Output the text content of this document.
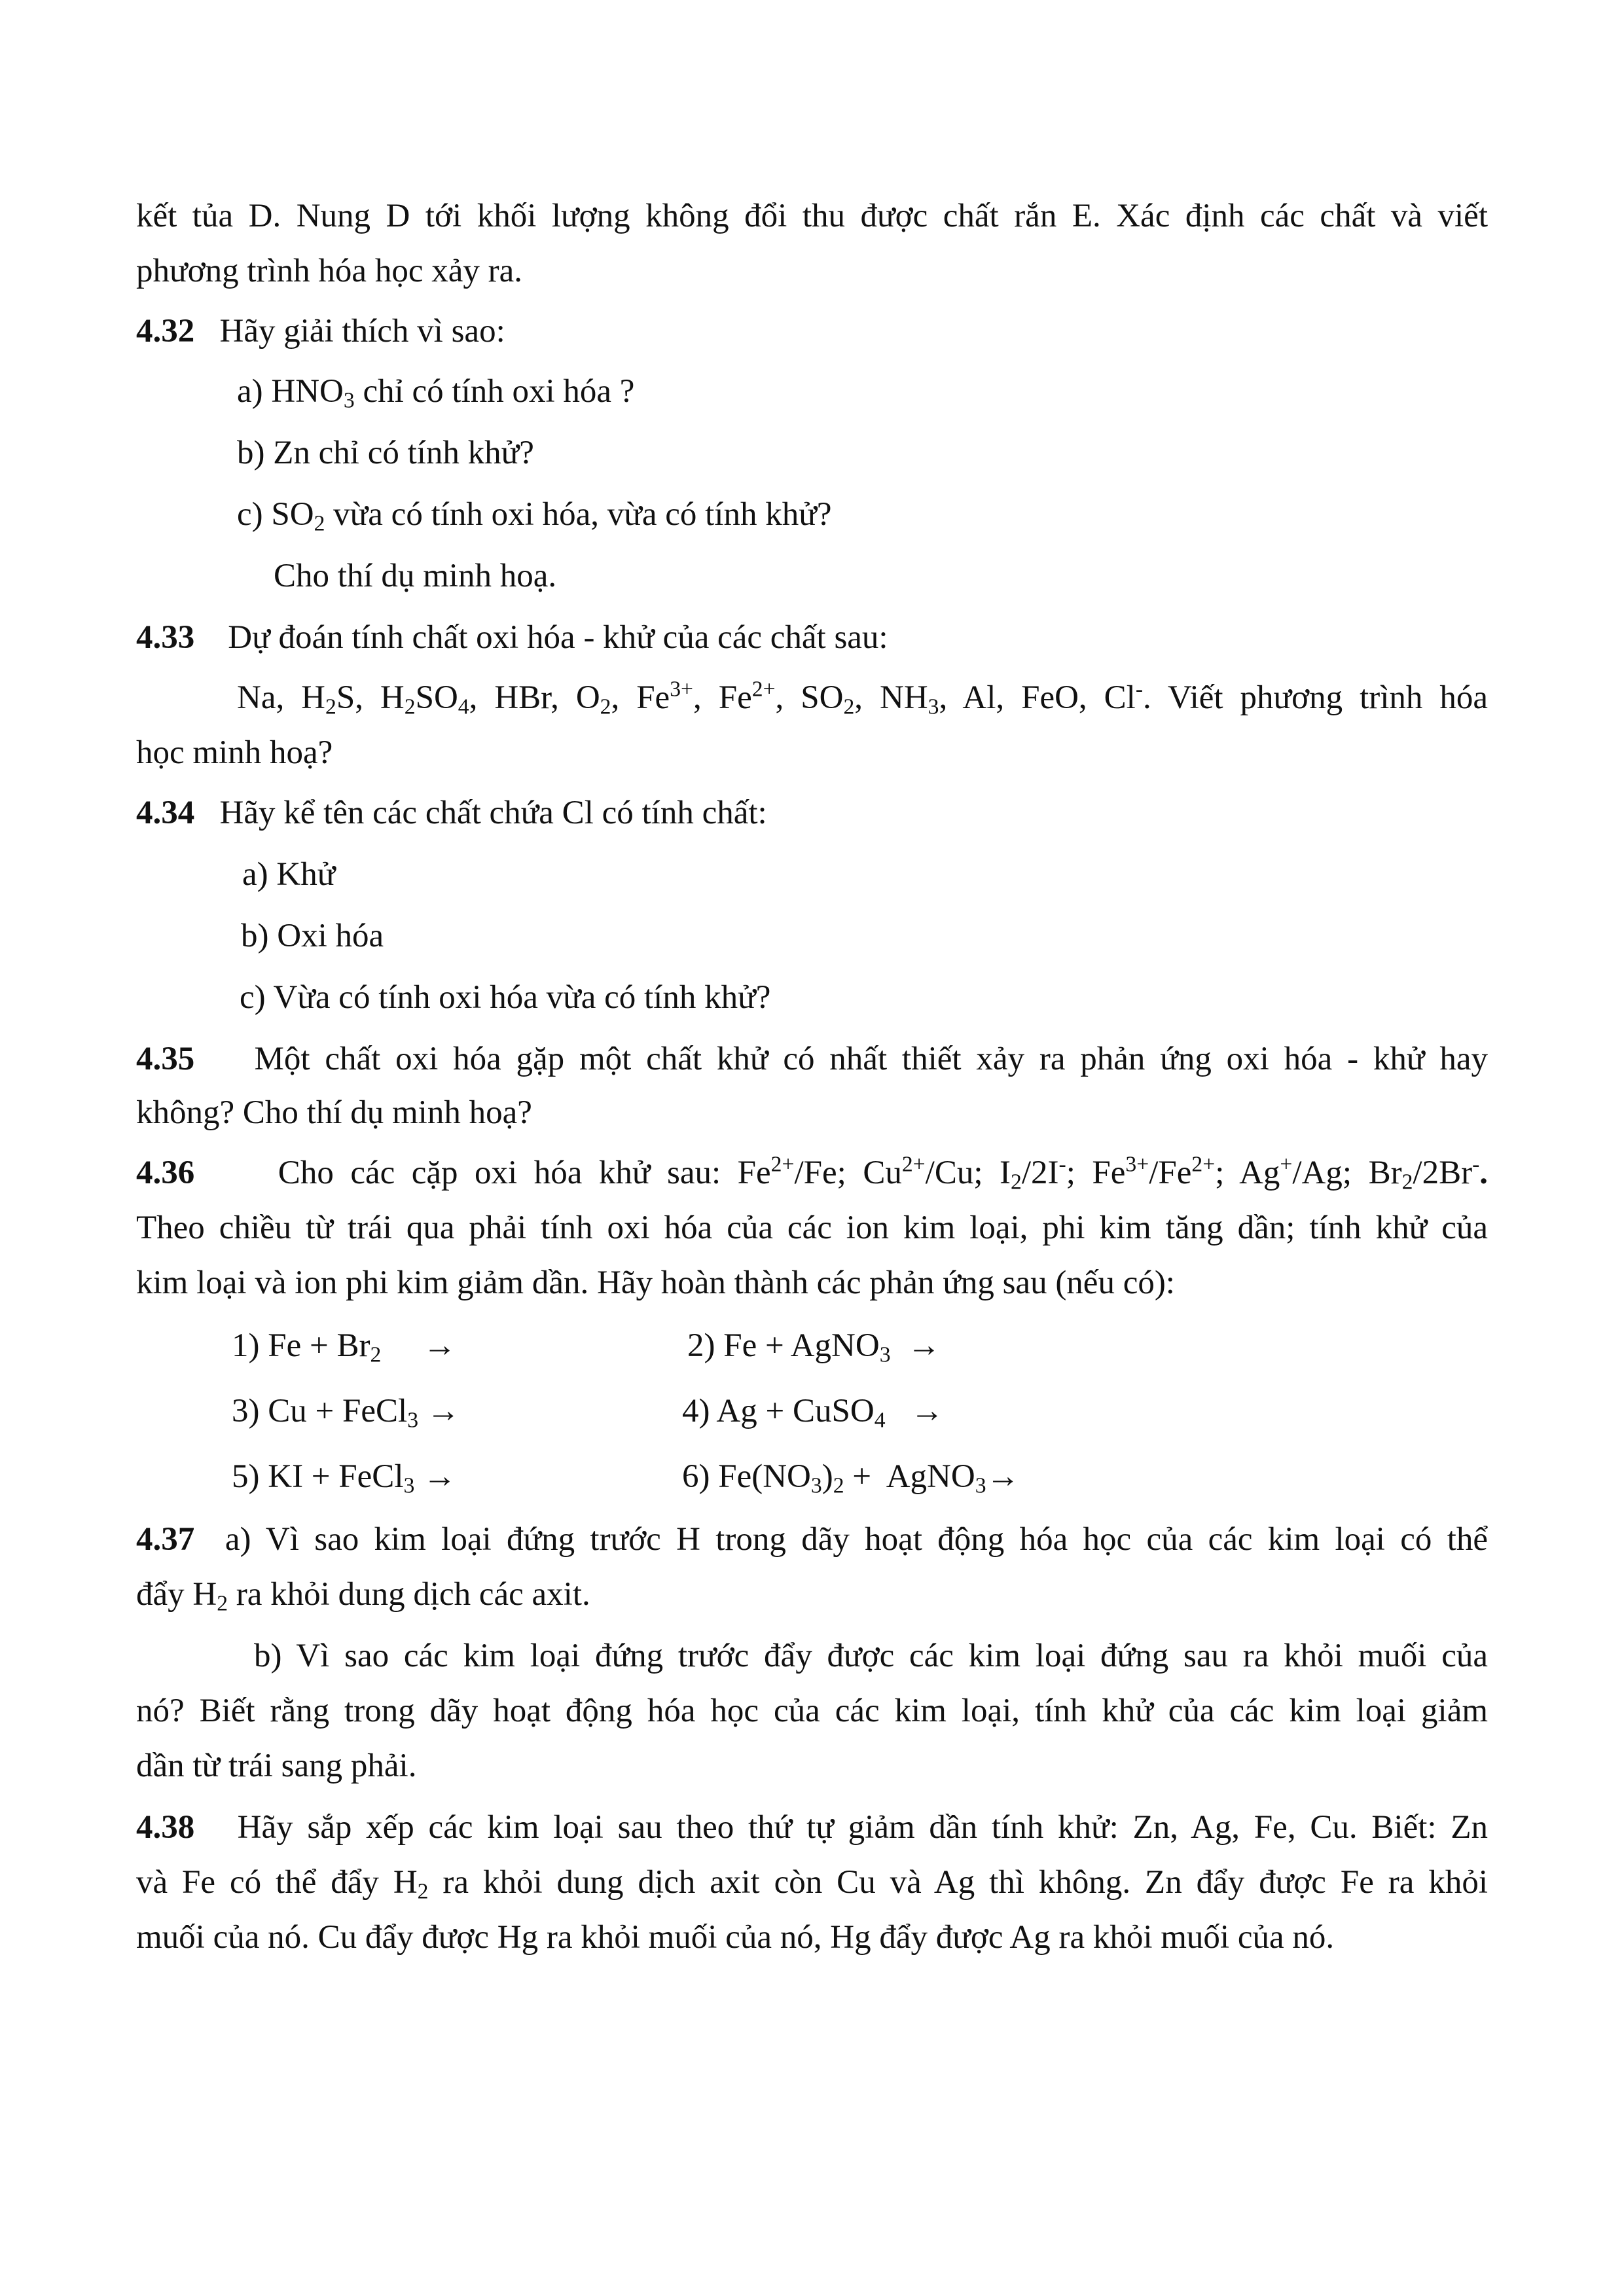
kết tủa D. Nung D tới khối lượng không đổi thu được chất rắn E. Xác định các chất và viết
phương trình hóa học xảy ra.
4.32 Hãy giải thích vì sao:
a) $HNO_3$ chỉ có tính oxi hóa ?
b) Zn chỉ có tính khử?
c) $SO_2$ vừa có tính oxi hóa, vừa có tính khử?
Cho thí dụ minh hoạ.
4.33 Dự đoán tính chất oxi hóa - khử của các chất sau:
Na, $H_2S$, $H_2SO_4$, HBr, $O_2$, $Fe^{3+}$, $Fe^{2+}$, $SO_2$, $NH_3$, Al, FeO, Cl-. Viết phương trình hóa
học minh hoạ?
4.34 Hãy kể tên các chất chứa Cl có tính chất:
a) Khử
b) Oxi hóa
c) Vừa có tính oxi hóa vừa có tính khử?
4.35 Một chất oxi hóa gặp một chất khử có nhất thiết xảy ra phản ứng oxi hóa - khử hay
không? Cho thí dụ minh hoạ?
4.36	Cho các cặp oxi hóa khử sau: $Fe^{2+}/Fe$; $Cu^{2+}/Cu$; $I_2/2I^-$; $Fe^{3+}/Fe^{2+}$; Ag+/Ag; $Br_2/2Br^-$.
Theo chiều từ trái qua phải tính oxi hóa của các ion kim loại, phi kim tăng dần; tính khử của
kim loại và ion phi kim giảm dần. Hãy hoàn thành các phản ứng sau (nếu có):
1) $Fe + Br_2$     →	2) Fe + AgNO$_3$  →
3) Cu + FeCl$_3$ →	4) Ag + CuSO$_4$   →
5) KI + FeCl$_3$ →	6) $Fe(NO_3)_2$ +  AgNO$_3$→
4.37 a) Vì sao kim loại đứng trước H trong dãy hoạt động hóa học của các kim loại có thể
đẩy $H_2$ ra khỏi dung dịch các axit.
b) Vì sao các kim loại đứng trước đẩy được các kim loại đứng sau ra khỏi muối của
nó? Biết rằng trong dãy hoạt động hóa học của các kim loại, tính khử của các kim loại giảm
dần từ trái sang phải.
4.38 Hãy sắp xếp các kim loại sau theo thứ tự giảm dần tính khử: Zn, Ag, Fe, Cu. Biết: Zn
và Fe có thể đẩy $H_2$ ra khỏi dung dịch axit còn Cu và Ag thì không. Zn đẩy được Fe ra khỏi
muối của nó. Cu đẩy được Hg ra khỏi muối của nó, Hg đẩy được Ag ra khỏi muối của nó.
